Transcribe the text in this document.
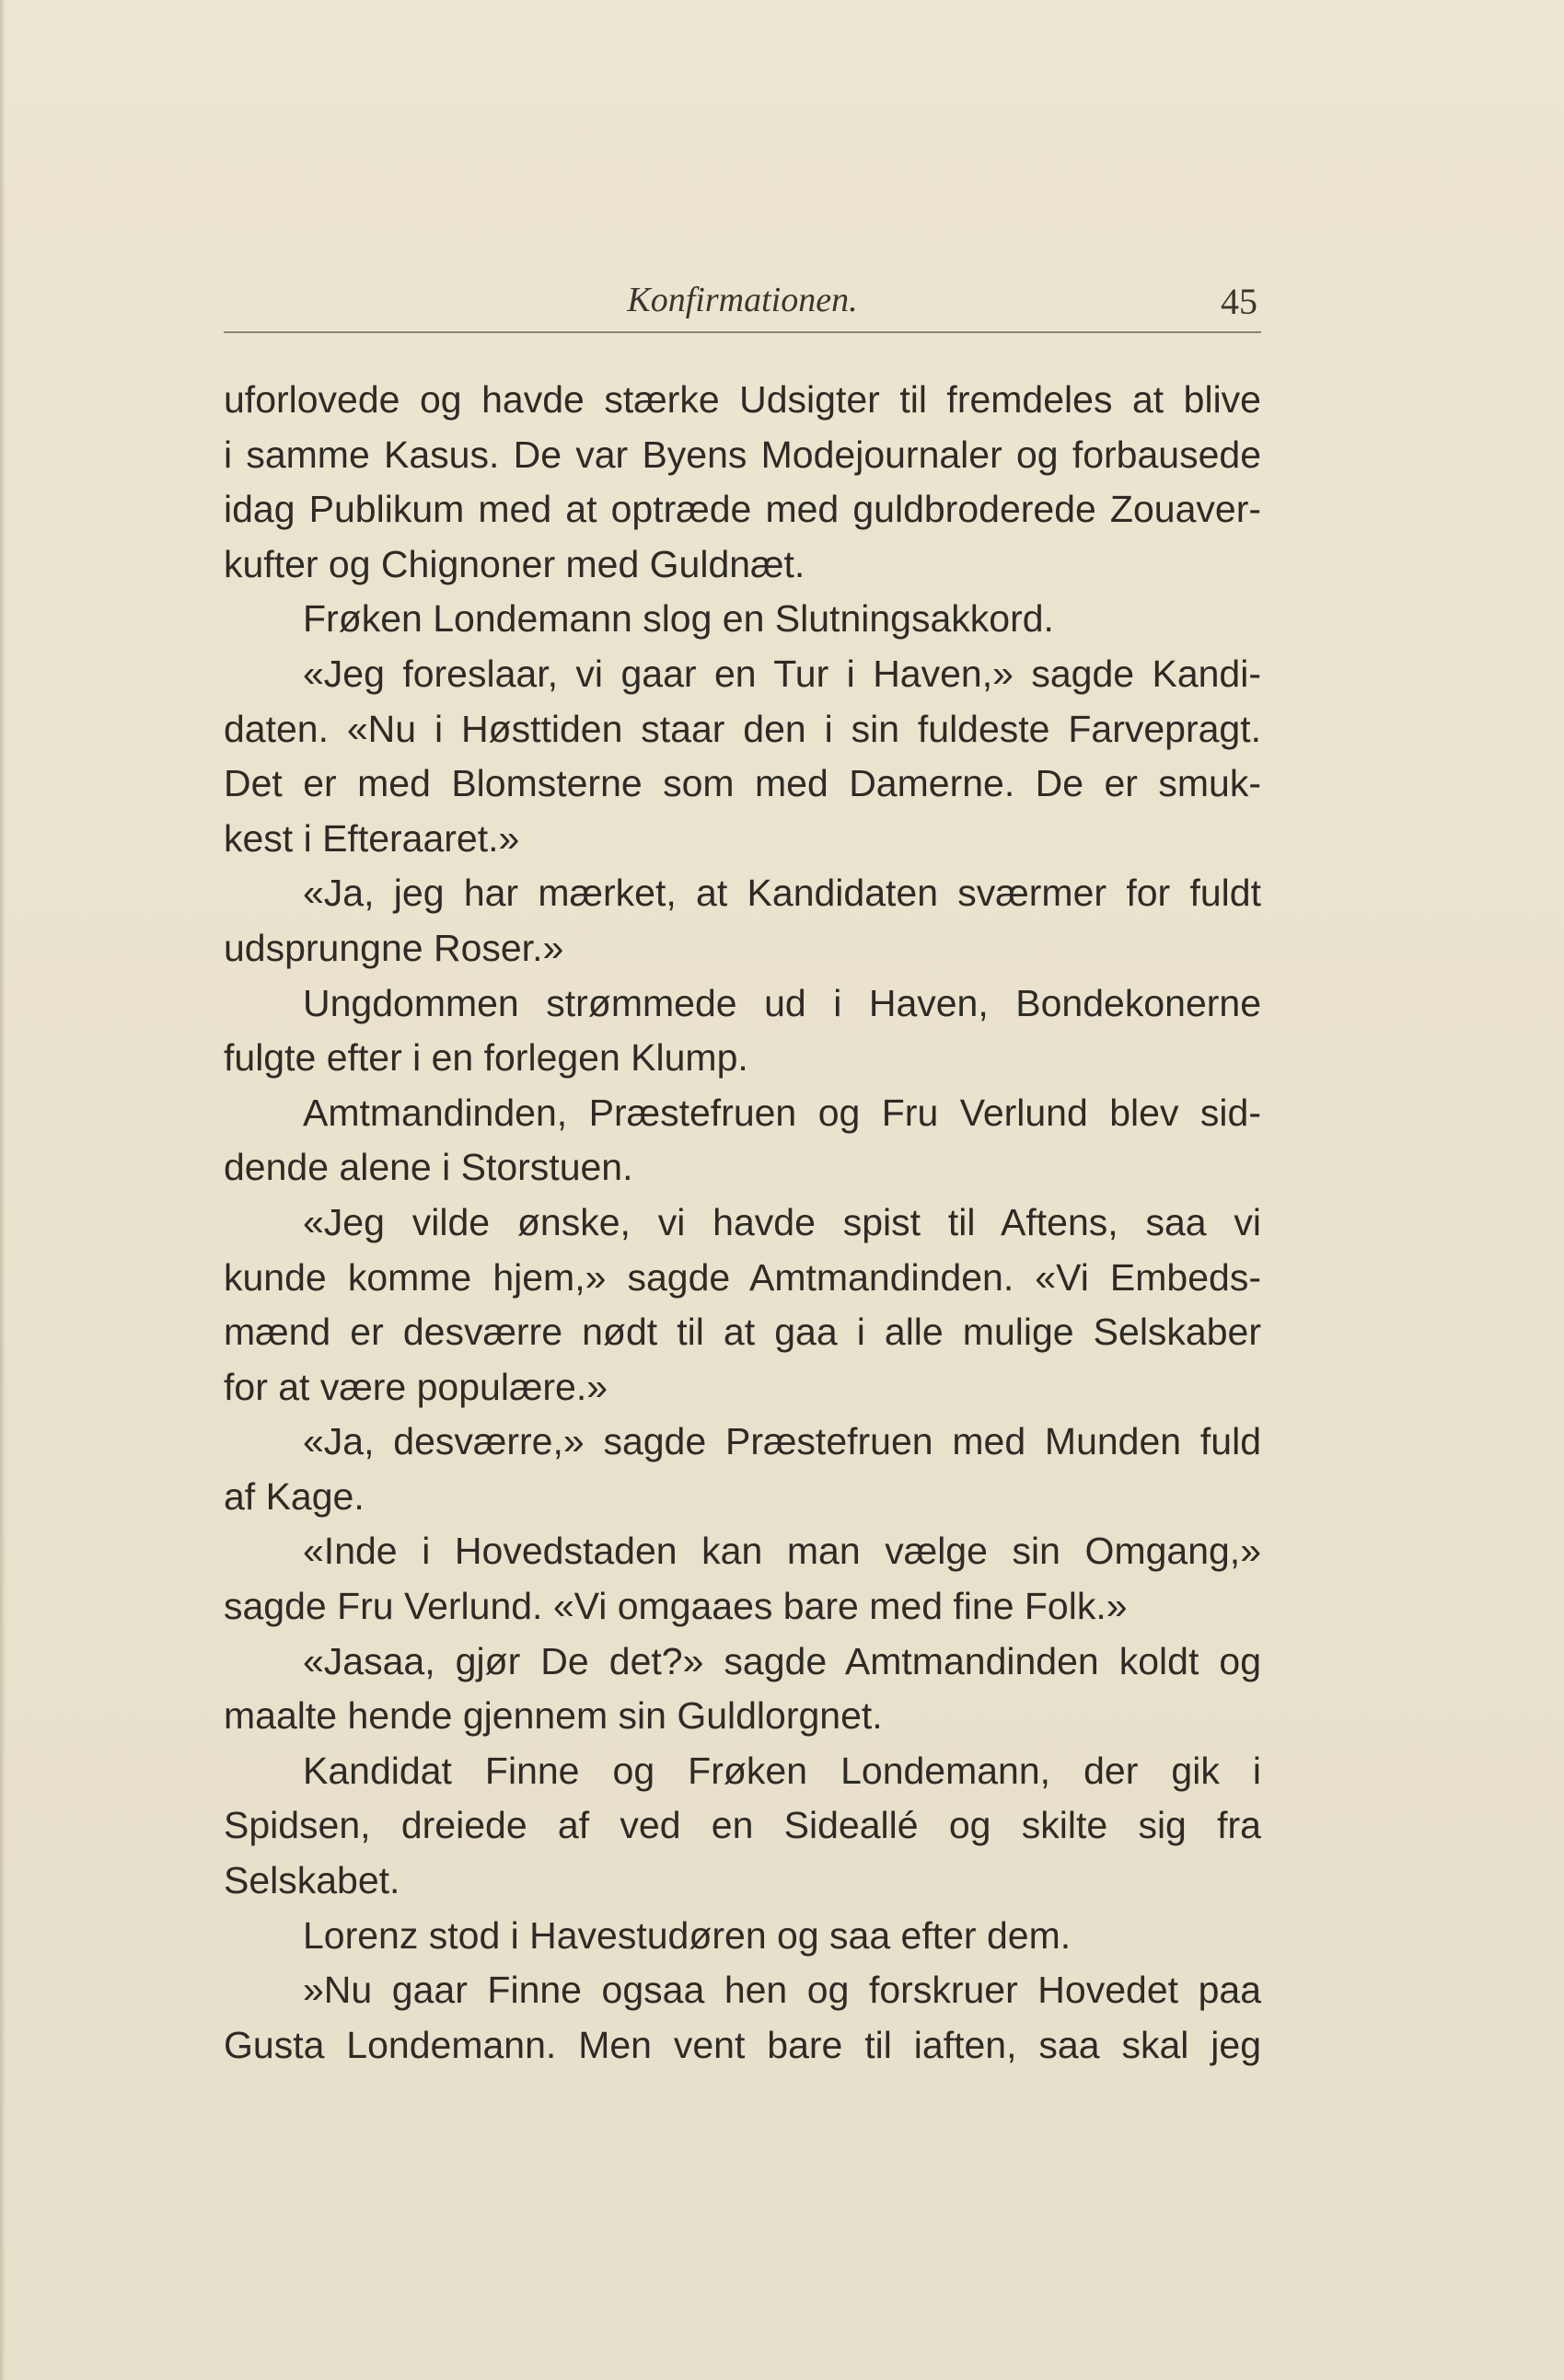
Konfirmationen.	45
uforlovede og havde stærke Udsigter til fremdeles at blive
i samme Kasus. De var Byens Modejournaler og forbausede
idag Publikum med at optræde med guldbroderede Zouaver-
kufter og Chignoner med Guldnæt.
Frøken Londemann slog en Slutningsakkord.
«Jeg foreslaar, vi gaar en Tur i Haven,» sagde Kandi-
daten. «Nu i Høsttiden staar den i sin fuldeste Farvepragt.
Det er med Blomsterne som med Damerne. De er smuk-
kest i Efteraaret.»
«Ja, jeg har mærket, at Kandidaten sværmer for fuldt
udsprungne Roser.»
Ungdommen strømmede ud i Haven, Bondekonerne
fulgte efter i en forlegen Klump.
Amtmandinden, Præstefruen og Fru Verlund blev sid-
dende alene i Storstuen.
«Jeg vilde ønske, vi havde spist til Aftens, saa vi
kunde komme hjem,» sagde Amtmandinden. «Vi Embeds-
mænd er desværre nødt til at gaa i alle mulige Selskaber
for at være populære.»
«Ja, desværre,» sagde Præstefruen med Munden fuld
af Kage.
«Inde i Hovedstaden kan man vælge sin Omgang,»
sagde Fru Verlund. «Vi omgaaes bare med fine Folk.»
«Jasaa, gjør De det?» sagde Amtmandinden koldt og
maalte hende gjennem sin Guldlorgnet.
Kandidat Finne og Frøken Londemann, der gik i
Spidsen, dreiede af ved en Sideallé og skilte sig fra
Selskabet.
Lorenz stod i Havestudøren og saa efter dem.
»Nu gaar Finne ogsaa hen og forskruer Hovedet paa
Gusta Londemann. Men vent bare til iaften, saa skal jeg
